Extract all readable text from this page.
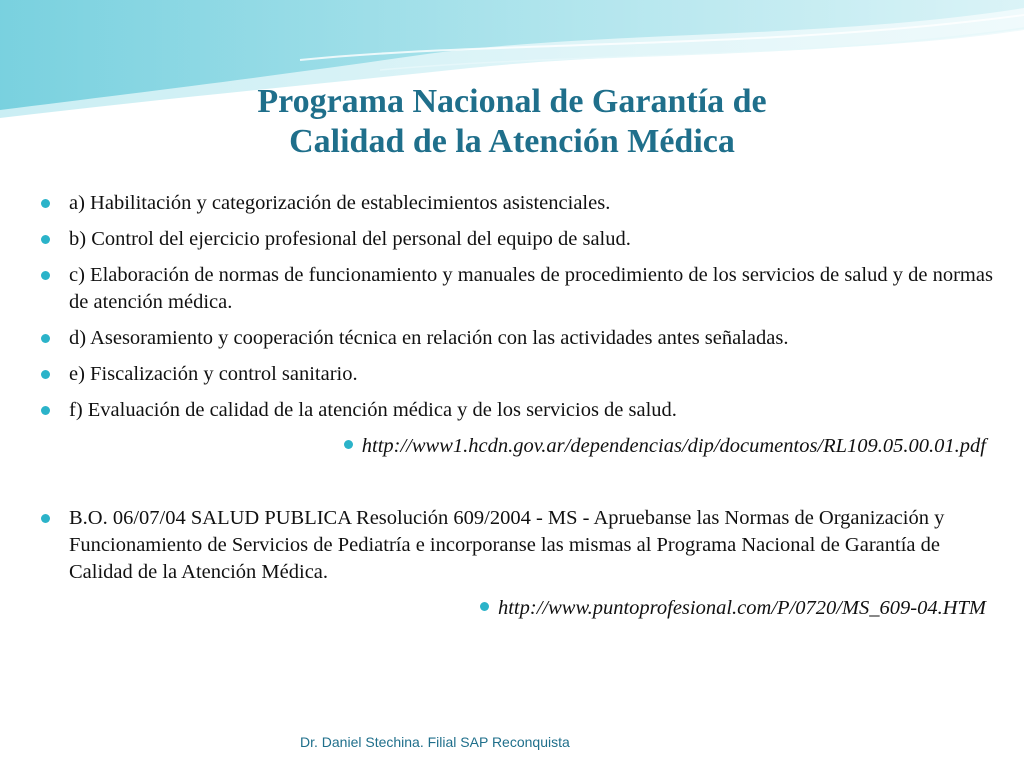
Programa Nacional de Garantía de
Calidad de la Atención Médica
a) Habilitación y categorización de establecimientos asistenciales.
b) Control del ejercicio profesional del personal del equipo de salud.
c) Elaboración de normas de funcionamiento y manuales de procedimiento de los servicios de salud y de normas de atención médica.
d) Asesoramiento y cooperación técnica en relación con las actividades antes señaladas.
e) Fiscalización y control sanitario.
f) Evaluación de calidad de la atención médica y de los servicios de salud.
http://www1.hcdn.gov.ar/dependencias/dip/documentos/RL109.05.00.01.pdf
B.O. 06/07/04 SALUD PUBLICA Resolución 609/2004 - MS - Apruebanse las Normas de Organización y Funcionamiento de Servicios de Pediatría e incorporanse las mismas al Programa Nacional de Garantía de Calidad de la Atención Médica.
http://www.puntoprofesional.com/P/0720/MS_609-04.HTM
Dr. Daniel Stechina. Filial SAP Reconquista
